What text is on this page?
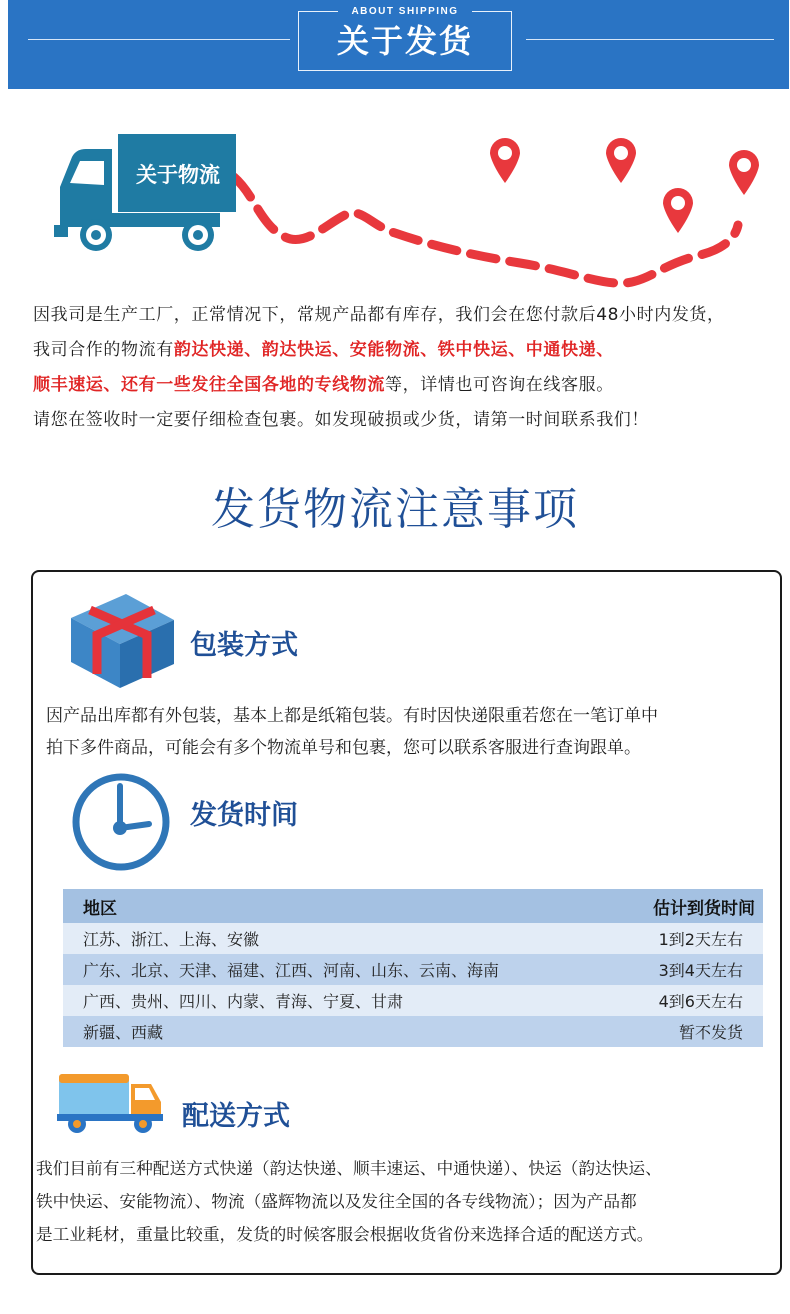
ABOUT SHIPPING
关于发货
关于物流

因我司是生产工厂，正常情况下，常规产品都有库存，我们会在您付款后48小时内发货，

我司合作的物流有韵达快递、韵达快运、安能物流、铁中快运、中通快递、

顺丰速运、还有一些发往全国各地的专线物流等，详情也可咨询在线客服。

请您在签收时一定要仔细检查包裹。如发现破损或少货，请第一时间联系我们！

发货物流注意事项
包装方式
因产品出库都有外包装，基本上都是纸箱包装。有时因快递限重若您在一笔订单中
拍下多件商品，可能会有多个物流单号和包裹，您可以联系客服进行查询跟单。
发货时间
地区	估计到货时间
江苏、浙江、上海、安徽	1到2天左右
广东、北京、天津、福建、江西、河南、山东、云南、海南	3到4天左右
广西、贵州、四川、内蒙、青海、宁夏、甘肃	4到6天左右
新疆、西藏	暂不发货
配送方式
我们目前有三种配送方式快递（韵达快递、顺丰速运、中通快递）、快运（韵达快运、
铁中快运、安能物流）、物流（盛辉物流以及发往全国的各专线物流）；因为产品都
是工业耗材，重量比较重，发货的时候客服会根据收货省份来选择合适的配送方式。
